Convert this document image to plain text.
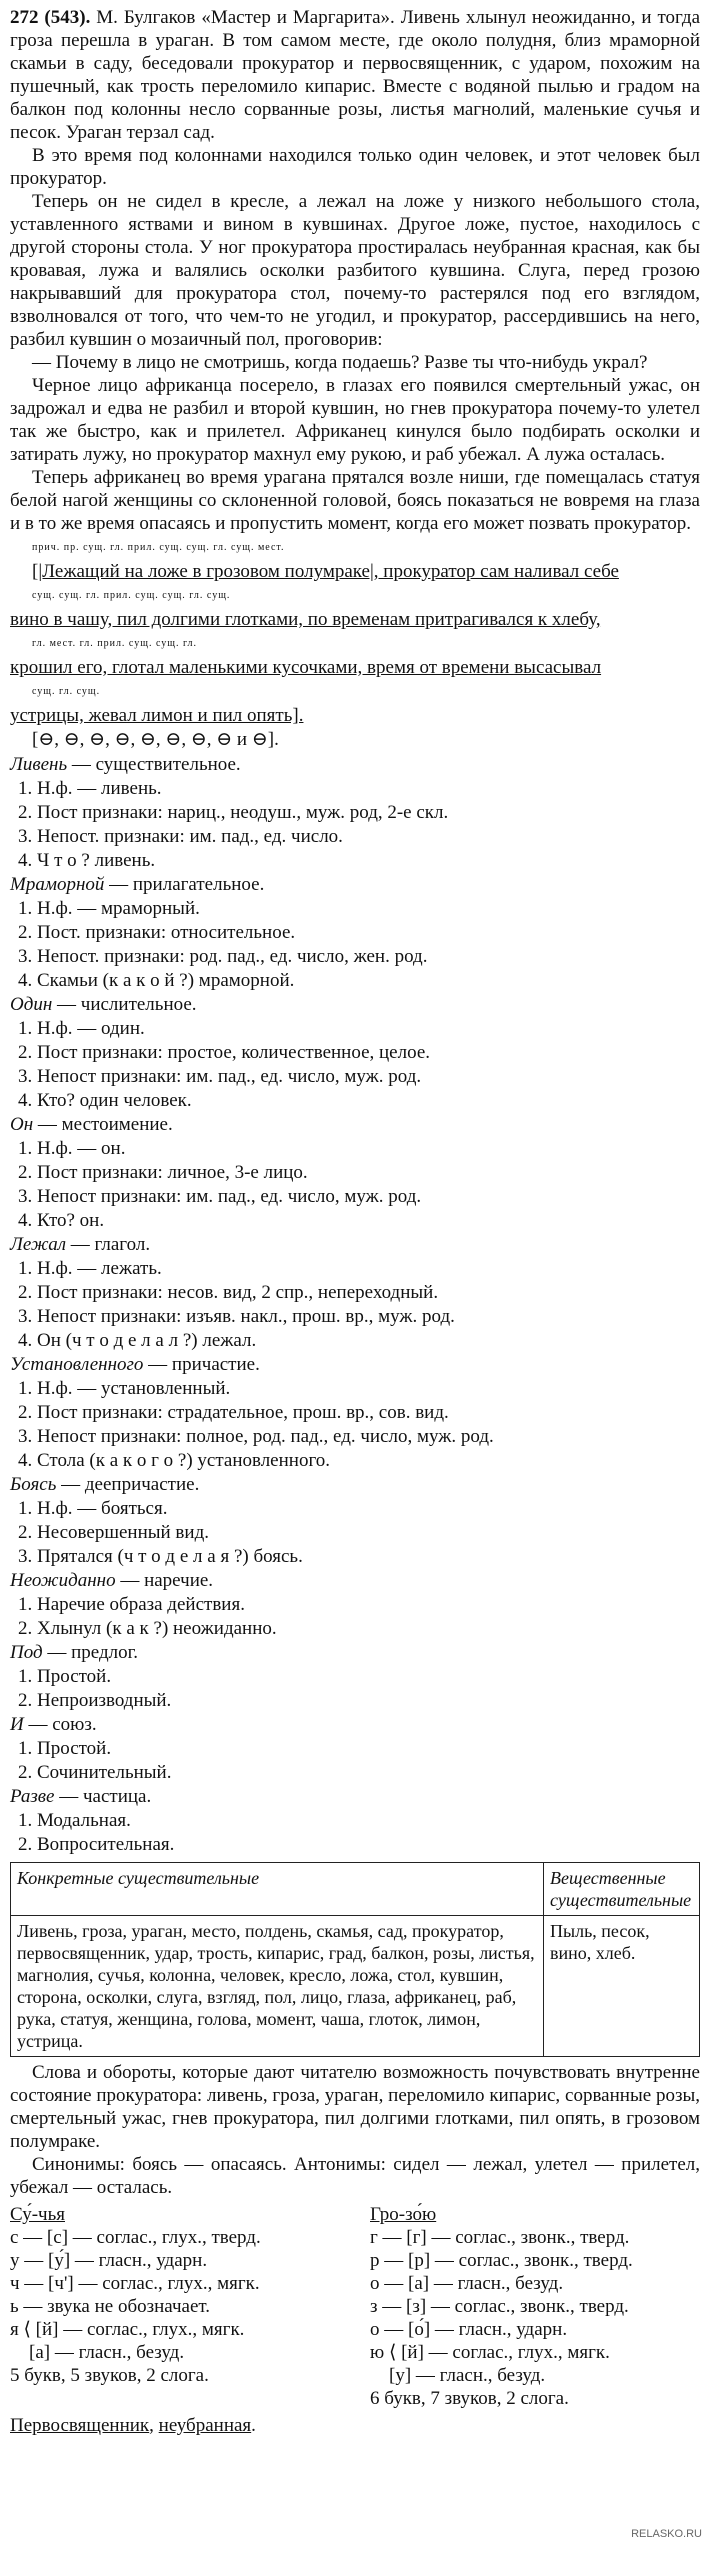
272 (543). М. Булгаков «Мастер и Маргарита». Ливень хлынул неожиданно, и тогда гроза перешла в ураган. В том самом месте, где около полудня, близ мраморной скамьи в саду, беседовали прокуратор и первосвященник, с ударом, похожим на пушечный, как трость переломило кипарис. Вместе с водяной пылью и градом на балкон под колонны несло сорванные розы, листья магнолий, маленькие сучья и песок. Ураган терзал сад.

В это время под колоннами находился только один человек, и этот человек был прокуратор.

Теперь он не сидел в кресле, а лежал на ложе у низкого небольшого стола, уставленного яствами и вином в кувшинах. Другое ложе, пустое, находилось с другой стороны стола. У ног прокуратора простиралась неубранная красная, как бы кровавая, лужа и валялись осколки разбитого кувшина. Слуга, перед грозою накрывавший для прокуратора стол, почему-то растерялся под его взглядом, взволновался от того, что чем-то не угодил, и прокуратор, рассердившись на него, разбил кувшин о мозаичный пол, проговорив:

— Почему в лицо не смотришь, когда подаешь? Разве ты что-нибудь украл?

Черное лицо африканца посерело, в глазах его появился смертельный ужас, он задрожал и едва не разбил и второй кувшин, но гнев прокуратора почему-то улетел так же быстро, как и прилетел. Африканец кинулся было подбирать осколки и затирать лужу, но прокуратор махнул ему рукою, и раб убежал. А лужа осталась.

Теперь африканец во время урагана прятался возле ниши, где помещалась статуя белой нагой женщины со склоненной головой, боясь показаться не вовремя на глаза и в то же время опасаясь и пропустить момент, когда его может позвать прокуратор.

прич. пр. сущ. гл. прил. сущ. сущ. гл. сущ. мест.
[|Лежащий на ложе в грозовом полумраке|, прокуратор сам наливал себе
сущ. сущ. гл. прил. сущ. сущ. гл. сущ.
вино в чашу, пил долгими глотками, по временам притрагивался к хлебу,
гл. мест. гл. прил. сущ. сущ. гл.
крошил его, глотал маленькими кусочками, время от времени высасывал
сущ. гл. сущ.
устрицы, жевал лимон и пил опять].
[⊖, ⊖, ⊖, ⊖, ⊖, ⊖, ⊖, ⊖ и ⊖].
Ливень — существительное.
1. Н.ф. — ливень.
2. Пост признаки: нариц., неодуш., муж. род, 2-е скл.
3. Непост. признаки: им. пад., ед. число.
4. Ч т о ? ливень.
Мраморной — прилагательное.
1. Н.ф. — мраморный.
2. Пост. признаки: относительное.
3. Непост. признаки: род. пад., ед. число, жен. род.
4. Скамьи (к а к о й ?) мраморной.
Один — числительное.
1. Н.ф. — один.
2. Пост признаки: простое, количественное, целое.
3. Непост признаки: им. пад., ед. число, муж. род.
4. Кто? один человек.
Он — местоимение.
1. Н.ф. — он.
2. Пост признаки: личное, 3-е лицо.
3. Непост признаки: им. пад., ед. число, муж. род.
4. Кто? он.
Лежал — глагол.
1. Н.ф. — лежать.
2. Пост признаки: несов. вид, 2 спр., непереходный.
3. Непост признаки: изъяв. накл., прош. вр., муж. род.
4. Он (ч т о д е л а л ?) лежал.
Установленного — причастие.
1. Н.ф. — установленный.
2. Пост признаки: страдательное, прош. вр., сов. вид.
3. Непост признаки: полное, род. пад., ед. число, муж. род.
4. Стола (к а к о г о ?) установленного.
Боясь — деепричастие.
1. Н.ф. — бояться.
2. Несовершенный вид.
3. Прятался (ч т о д е л а я ?) боясь.
Неожиданно — наречие.
1. Наречие образа действия.
2. Хлынул (к а к ?) неожиданно.
Под — предлог.
1. Простой.
2. Непроизводный.
И — союз.
1. Простой.
2. Сочинительный.
Разве — частица.
1. Модальная.
2. Вопросительная.
Конкретные существительные	Вещественные существительные
Ливень, гроза, ураган, место, полдень, скамья, сад, прокуратор, первосвященник, удар, трость, кипарис, град, балкон, розы, листья, магнолия, сучья, колонна, человек, кресло, ложа, стол, кувшин, сторона, осколки, слуга, взгляд, пол, лицо, глаза, африканец, раб, рука, статуя, женщина, голова, момент, чаша, глоток, лимон, устрица.	Пыль, песок, вино, хлеб.

Слова и обороты, которые дают читателю возможность почувствовать внутренне состояние прокуратора: ливень, гроза, ураган, переломило кипарис, сорванные розы, смертельный ужас, гнев прокуратора, пил долгими глотками, пил опять, в грозовом полумраке.

Синонимы: боясь — опасаясь. Антонимы: сидел — лежал, улетел — прилетел, убежал — осталась.

Су́-чья
с — [с] — соглас., глух., тверд.
у — [у́] — гласн., ударн.
ч — [ч'] — соглас., глух., мягк.
ь — звука не обозначает.
я ⟨ [й] — соглас., глух., мягк.
[а] — гласн., безуд.
5 букв, 5 звуков, 2 слога.
Гро-зо́ю
г — [г] — соглас., звонк., тверд.
р — [р] — соглас., звонк., тверд.
о — [а] — гласн., безуд.
з — [з] — соглас., звонк., тверд.
о — [о́] — гласн., ударн.
ю ⟨ [й] — соглас., глух., мягк.
[у] — гласн., безуд.
6 букв, 7 звуков, 2 слога.
Первосвященник, неубранная.
RELASKO.RU
